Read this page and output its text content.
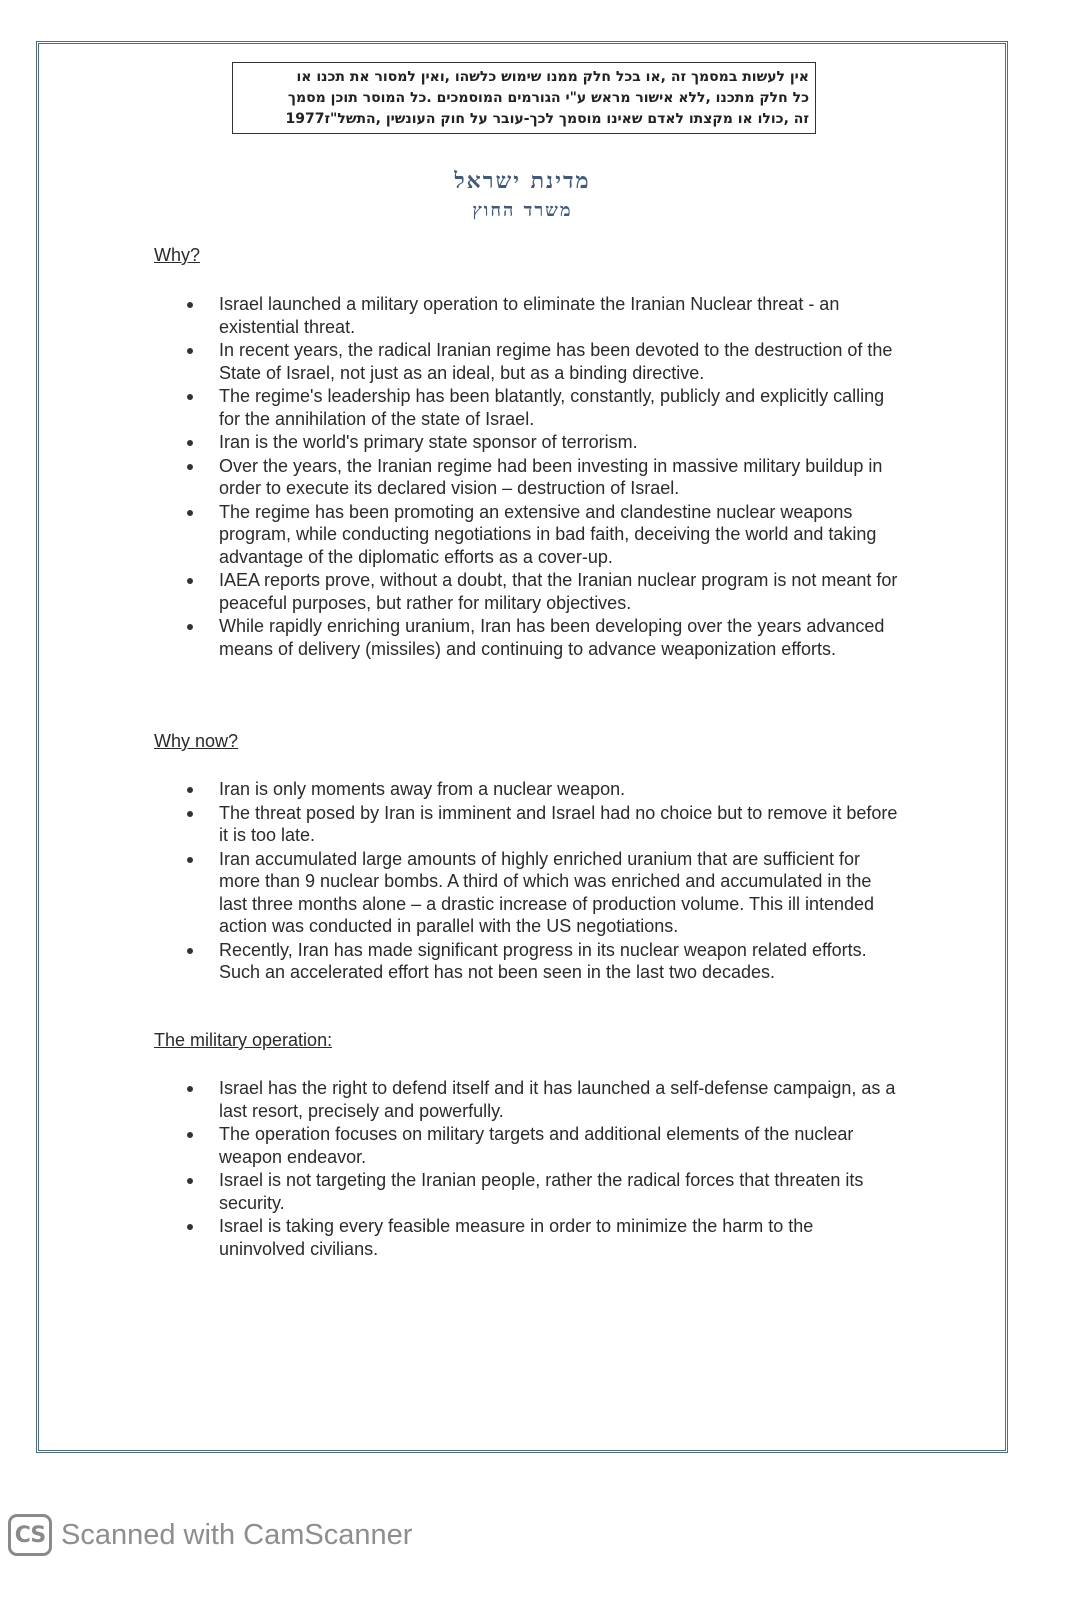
אין לעשות במסמך זה ,או בכל חלק ממנו שימוש כלשהו ,ואין למסור את תכנו או
כל חלק מתכנו ,ללא אישור מראש ע"י הגורמים המוסמכים .כל המוסר תוכן מסמך
זה ,כולו או מקצתו לאדם שאינו מוסמך לכך-עובר על חוק העונשין ,התשל"ז1977
מדינת ישראל
משרד החוץ
Why?
Israel launched a military operation to eliminate the Iranian Nuclear threat - an existential threat.
In recent years, the radical Iranian regime has been devoted to the destruction of the State of Israel, not just as an ideal, but as a binding directive.
The regime's leadership has been blatantly, constantly, publicly and explicitly calling for the annihilation of the state of Israel.
Iran is the world's primary state sponsor of terrorism.
Over the years, the Iranian regime had been investing in massive military buildup in order to execute its declared vision – destruction of Israel.
The regime has been promoting an extensive and clandestine nuclear weapons program, while conducting negotiations in bad faith, deceiving the world and taking advantage of the diplomatic efforts as a cover-up.
IAEA reports prove, without a doubt, that the Iranian nuclear program is not meant for peaceful purposes, but rather for military objectives.
While rapidly enriching uranium, Iran has been developing over the years advanced means of delivery (missiles) and continuing to advance weaponization efforts.
Why now?
Iran is only moments away from a nuclear weapon.
The threat posed by Iran is imminent and Israel had no choice but to remove it before it is too late.
Iran accumulated large amounts of highly enriched uranium that are sufficient for more than 9 nuclear bombs. A third of which was enriched and accumulated in the last three months alone – a drastic increase of production volume. This ill intended action was conducted in parallel with the US negotiations.
Recently, Iran has made significant progress in its nuclear weapon related efforts. Such an accelerated effort has not been seen in the last two decades.
The military operation:
Israel has the right to defend itself and it has launched a self-defense campaign, as a last resort, precisely and powerfully.
The operation focuses on military targets and additional elements of the nuclear weapon endeavor.
Israel is not targeting the Iranian people, rather the radical forces that threaten its security.
Israel is taking every feasible measure in order to minimize the harm to the uninvolved civilians.
CS Scanned with CamScanner
